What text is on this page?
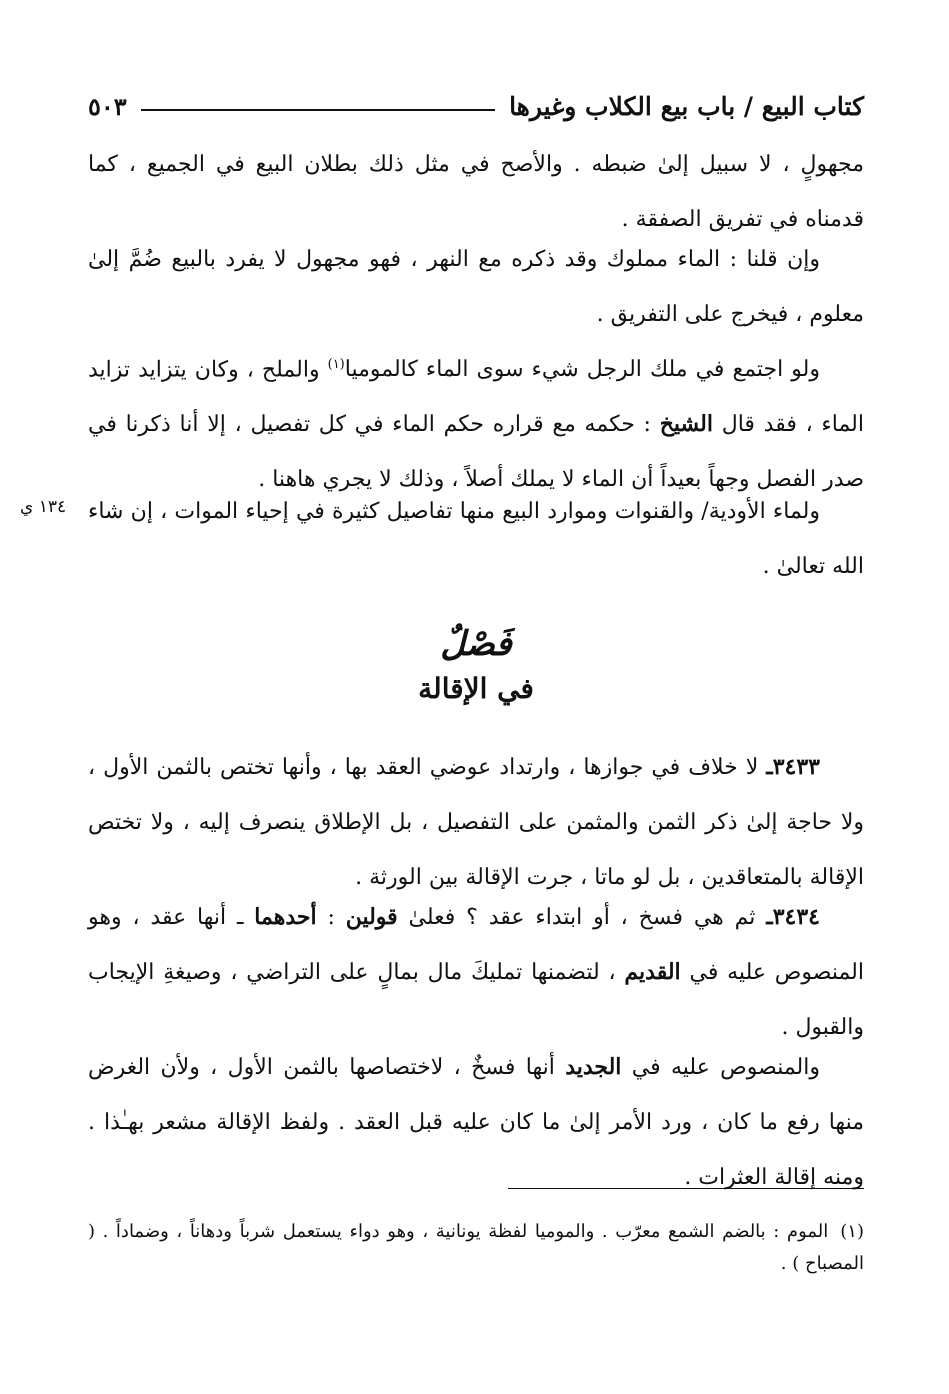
كتاب البيع / باب بيع الكلاب وغيرها
٥٠٣
مجهولٍ ، لا سبيل إلىٰ ضبطه . والأصح في مثل ذلك بطلان البيع في الجميع ، كما قدمناه في تفريق الصفقة .
وإن قلنا : الماء مملوك وقد ذكره مع النهر ، فهو مجهول لا يفرد بالبيع ضُمَّ إلىٰ معلوم ، فيخرج على التفريق .
ولو اجتمع في ملك الرجل شيء سوى الماء كالموميا$^{(١)}$ والملح ، وكان يتزايد تزايد الماء ، فقد قال الشيخ : حكمه مع قراره حكم الماء في كل تفصيل ، إلا أنا ذكرنا في صدر الفصل وجهاً بعيداً أن الماء لا يملك أصلاً ، وذلك لا يجري هاهنا .
١٣٤ ي ولماء الأودية/ والقنوات وموارد البيع منها تفاصيل كثيرة في إحياء الموات ، إن شاء الله تعالىٰ .
فَصْلٌ
في الإقالة
٣٤٣٣ـ لا خلاف في جوازها ، وارتداد عوضي العقد بها ، وأنها تختص بالثمن الأول ، ولا حاجة إلىٰ ذكر الثمن والمثمن على التفصيل ، بل الإطلاق ينصرف إليه ، ولا تختص الإقالة بالمتعاقدين ، بل لو ماتا ، جرت الإقالة بين الورثة .
٣٤٣٤ـ ثم هي فسخ ، أو ابتداء عقد ؟ فعلىٰ قولين : أحدهما ـ أنها عقد ، وهو المنصوص عليه في القديم ، لتضمنها تمليكَ مال بمالٍ على التراضي ، وصيغةِ الإيجاب والقبول .
والمنصوص عليه في الجديد أنها فسخٌ ، لاختصاصها بالثمن الأول ، ولأن الغرض منها رفع ما كان ، ورد الأمر إلىٰ ما كان عليه قبل العقد . ولفظ الإقالة مشعر بهـٰذا . ومنه إقالة العثرات .
(١)الموم : بالضم الشمع معرّب . والموميا لفظة يونانية ، وهو دواء يستعمل شرباً ودهاناً ، وضماداً . ( المصباح ) .
